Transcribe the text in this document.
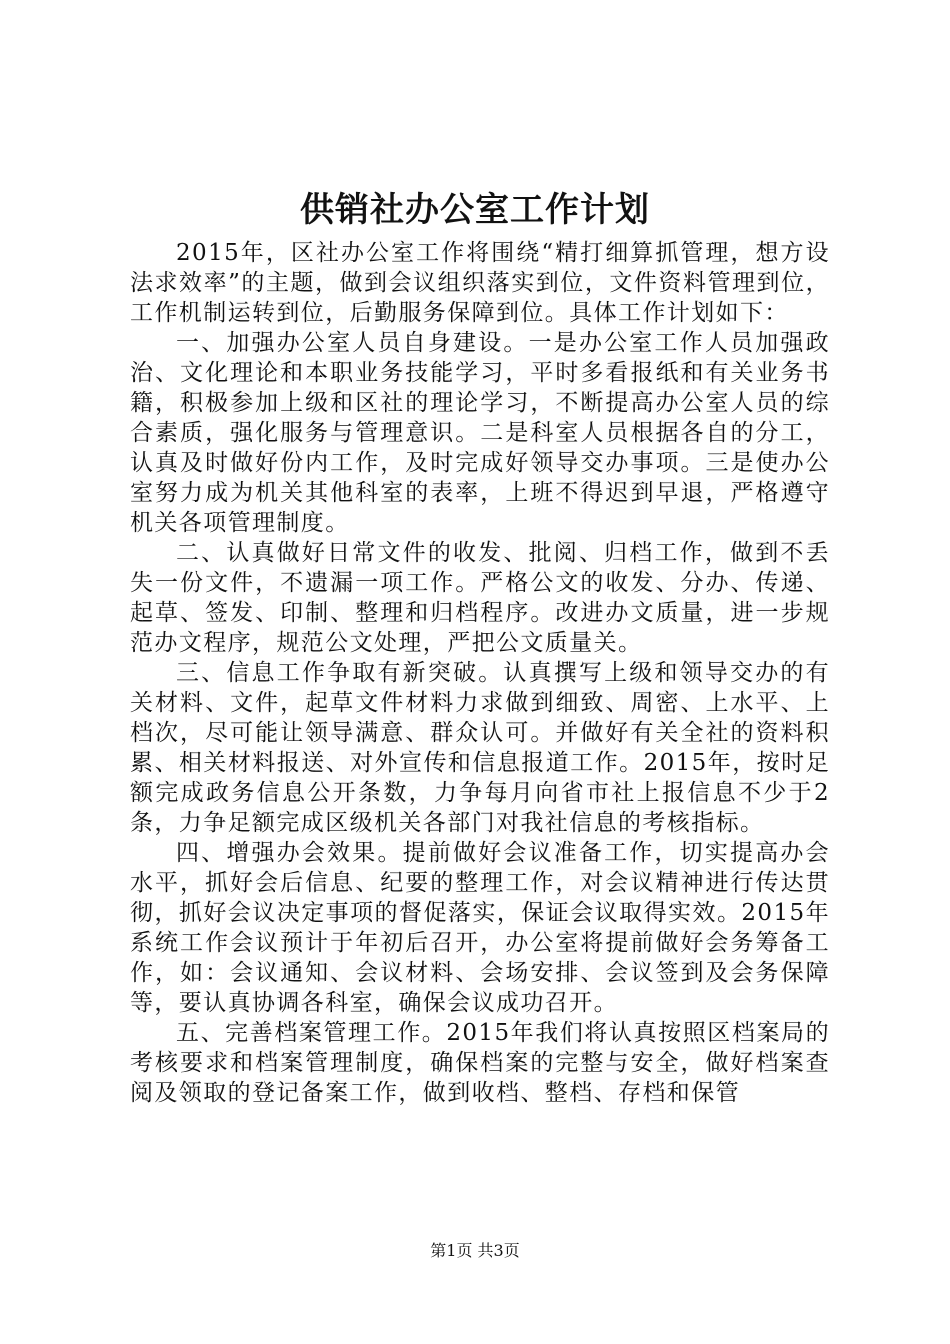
供销社办公室工作计划

2015年，区社办公室工作将围绕“精打细算抓管理，想方设法求效率”的主题，做到会议组织落实到位，文件资料管理到位，工作机制运转到位，后勤服务保障到位。具体工作计划如下：

一、加强办公室人员自身建设。一是办公室工作人员加强政治、文化理论和本职业务技能学习，平时多看报纸和有关业务书籍，积极参加上级和区社的理论学习，不断提高办公室人员的综合素质，强化服务与管理意识。二是科室人员根据各自的分工，认真及时做好份内工作，及时完成好领导交办事项。三是使办公室努力成为机关其他科室的表率，上班不得迟到早退，严格遵守机关各项管理制度。

二、认真做好日常文件的收发、批阅、归档工作，做到不丢失一份文件，不遗漏一项工作。严格公文的收发、分办、传递、起草、签发、印制、整理和归档程序。改进办文质量，进一步规范办文程序，规范公文处理，严把公文质量关。

三、信息工作争取有新突破。认真撰写上级和领导交办的有关材料、文件，起草文件材料力求做到细致、周密、上水平、上档次，尽可能让领导满意、群众认可。并做好有关全社的资料积累、相关材料报送、对外宣传和信息报道工作。2015年，按时足额完成政务信息公开条数，力争每月向省市社上报信息不少于2条，力争足额完成区级机关各部门对我社信息的考核指标。

四、增强办会效果。提前做好会议准备工作，切实提高办会水平，抓好会后信息、纪要的整理工作，对会议精神进行传达贯彻，抓好会议决定事项的督促落实，保证会议取得实效。2015年系统工作会议预计于年初后召开，办公室将提前做好会务筹备工作，如：会议通知、会议材料、会场安排、会议签到及会务保障等，要认真协调各科室，确保会议成功召开。

五、完善档案管理工作。2015年我们将认真按照区档案局的考核要求和档案管理制度，确保档案的完整与安全，做好档案查阅及领取的登记备案工作，做到收档、整档、存档和保管

第1页 共3页
